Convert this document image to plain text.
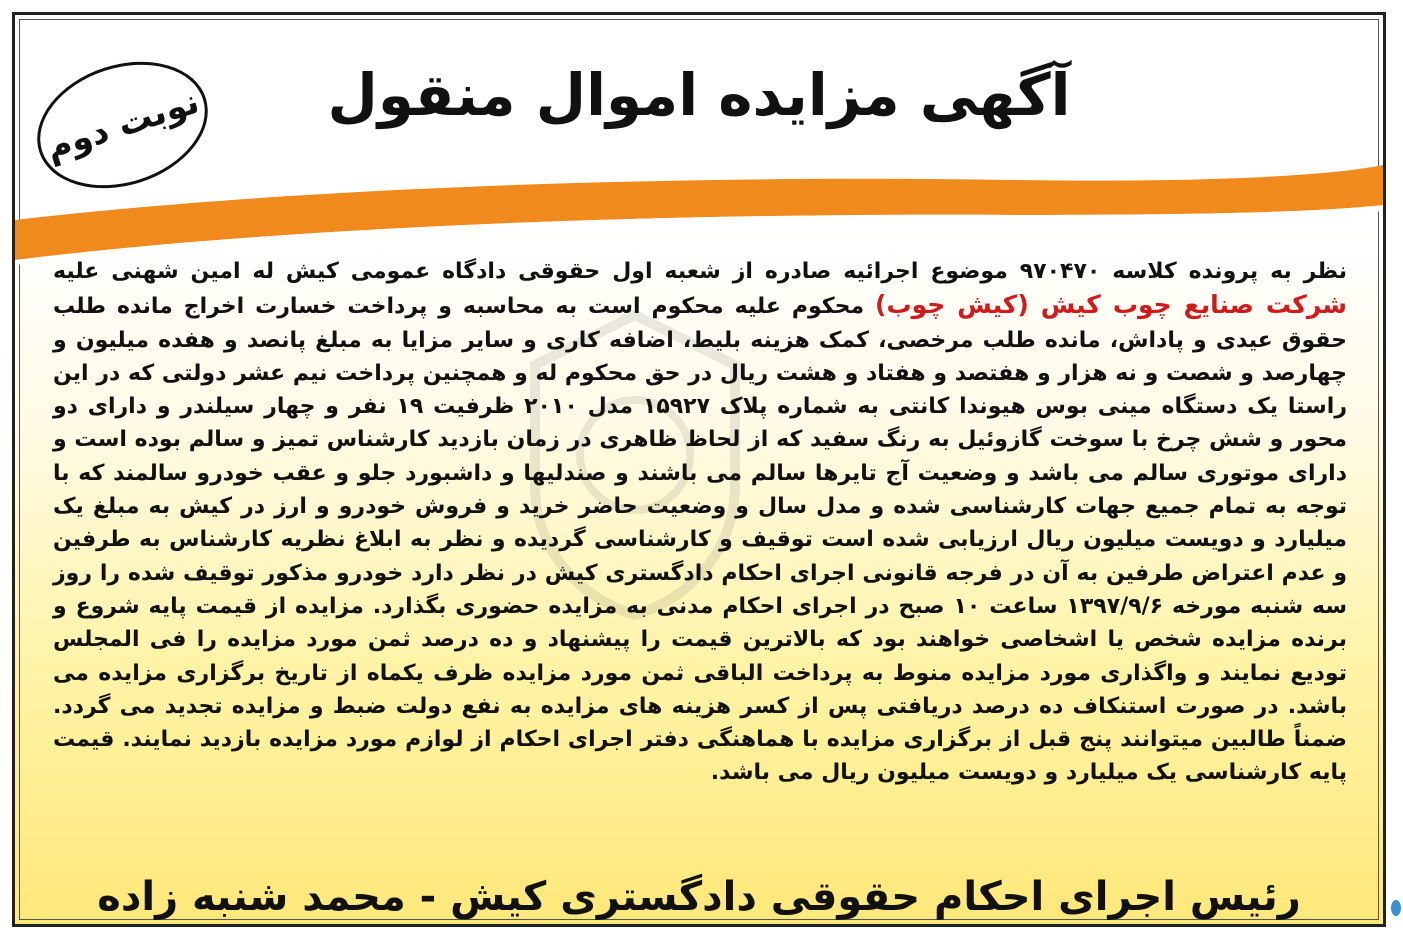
آگهی مزایده اموال منقول
نوبت دوم
نظر به پرونده کلاسه ۹۷۰۴۷۰ موضوع اجرائیه صادره از شعبه اول حقوقی دادگاه عمومی کیش له امین شهنی علیه شرکت صنایع چوب کیش (کیش چوب) محکوم علیه محکوم است به محاسبه و پرداخت خسارت اخراج مانده طلب حقوق عیدی و پاداش، مانده طلب مرخصی، کمک هزینه بلیط، اضافه کاری و سایر مزایا به مبلغ پانصد و هفده میلیون و چهارصد و شصت و نه هزار و هفتصد و هفتاد و هشت ریال در حق محکوم له و همچنین پرداخت نیم عشر دولتی که در این راستا یک دستگاه مینی بوس هیوندا کانتی به شماره پلاک ۱۵۹۲۷ مدل ۲۰۱۰ ظرفیت ۱۹ نفر و چهار سیلندر و دارای دو محور و شش چرخ با سوخت گازوئیل به رنگ سفید که از لحاظ ظاهری در زمان بازدید کارشناس تمیز و سالم بوده است و دارای موتوری سالم می باشد و وضعیت آج تایرها سالم می باشند و صندلیها و داشبورد جلو و عقب خودرو سالمند که با توجه به تمام جمیع جهات کارشناسی شده و مدل سال و وضعیت حاضر خرید و فروش خودرو و ارز در کیش به مبلغ یک میلیارد و دویست میلیون ریال ارزیابی شده است توقیف و کارشناسی گردیده و نظر به ابلاغ نظریه کارشناس به طرفین و عدم اعتراض طرفین به آن در فرجه قانونی اجرای احکام دادگستری کیش در نظر دارد خودرو مذکور توقیف شده را روز سه شنبه مورخه ۱۳۹۷/۹/۶ ساعت ۱۰ صبح در اجرای احکام مدنی به مزایده حضوری بگذارد. مزایده از قیمت پایه شروع و برنده مزایده شخص یا اشخاصی خواهند بود که بالاترین قیمت را پیشنهاد و ده درصد ثمن مورد مزایده را فی المجلس تودیع نمایند و واگذاری مورد مزایده منوط به پرداخت الباقی ثمن مورد مزایده ظرف یکماه از تاریخ برگزاری مزایده می باشد. در صورت استنکاف ده درصد دریافتی پس از کسر هزینه های مزایده به نفع دولت ضبط و مزایده تجدید می گردد. ضمناً طالبین میتوانند پنج قبل از برگزاری مزایده با هماهنگی دفتر اجرای احکام از لوازم مورد مزایده بازدید نمایند. قیمت پایه کارشناسی یک میلیارد و دویست میلیون ریال می باشد.
رئیس اجرای احکام حقوقی دادگستری کیش - محمد شنبه زاده
